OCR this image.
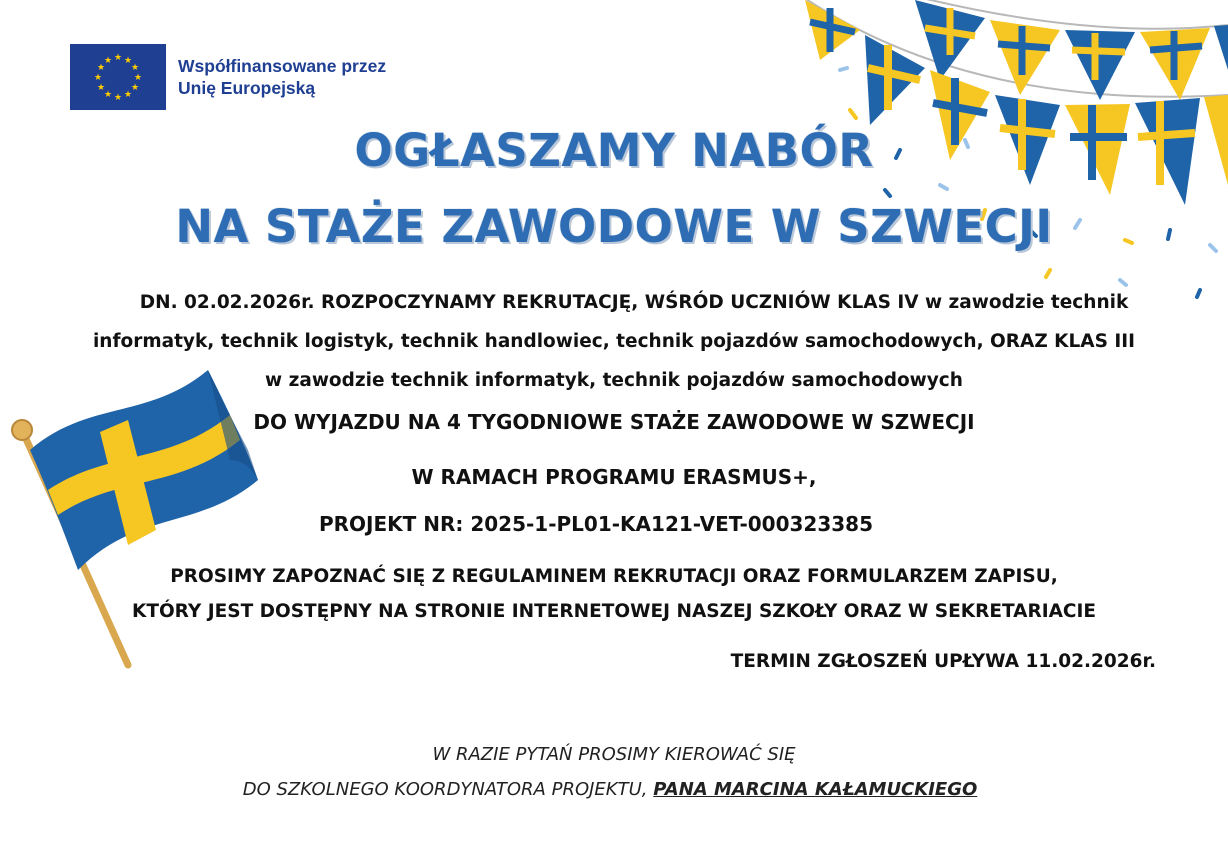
★ ★
★
★
★
★
★
★
★
★
★
★	Współfinansowane przez
Unię Europejską
OGŁASZAMY NABÓR
NA STAŻE ZAWODOWE W SZWECJI
DN. 02.02.2026r. ROZPOCZYNAMY REKRUTACJĘ, WŚRÓD UCZNIÓW KLAS IV w zawodzie technik
informatyk, technik logistyk, technik handlowiec, technik pojazdów samochodowych, ORAZ KLAS III
w zawodzie technik informatyk, technik pojazdów samochodowych
DO WYJAZDU NA 4 TYGODNIOWE STAŻE ZAWODOWE W SZWECJI
W RAMACH PROGRAMU ERASMUS+,
PROJEKT NR: 2025-1-PL01-KA121-VET-000323385
PROSIMY ZAPOZNAĆ SIĘ Z REGULAMINEM REKRUTACJI ORAZ FORMULARZEM ZAPISU,
KTÓRY JEST DOSTĘPNY NA STRONIE INTERNETOWEJ NASZEJ SZKOŁY ORAZ W SEKRETARIACIE
TERMIN ZGŁOSZEŃ UPŁYWA 11.02.2026r.
W RAZIE PYTAŃ PROSIMY KIEROWAĆ SIĘ
DO SZKOLNEGO KOORDYNATORA PROJEKTU, PANA MARCINA KAŁAMUCKIEGO
